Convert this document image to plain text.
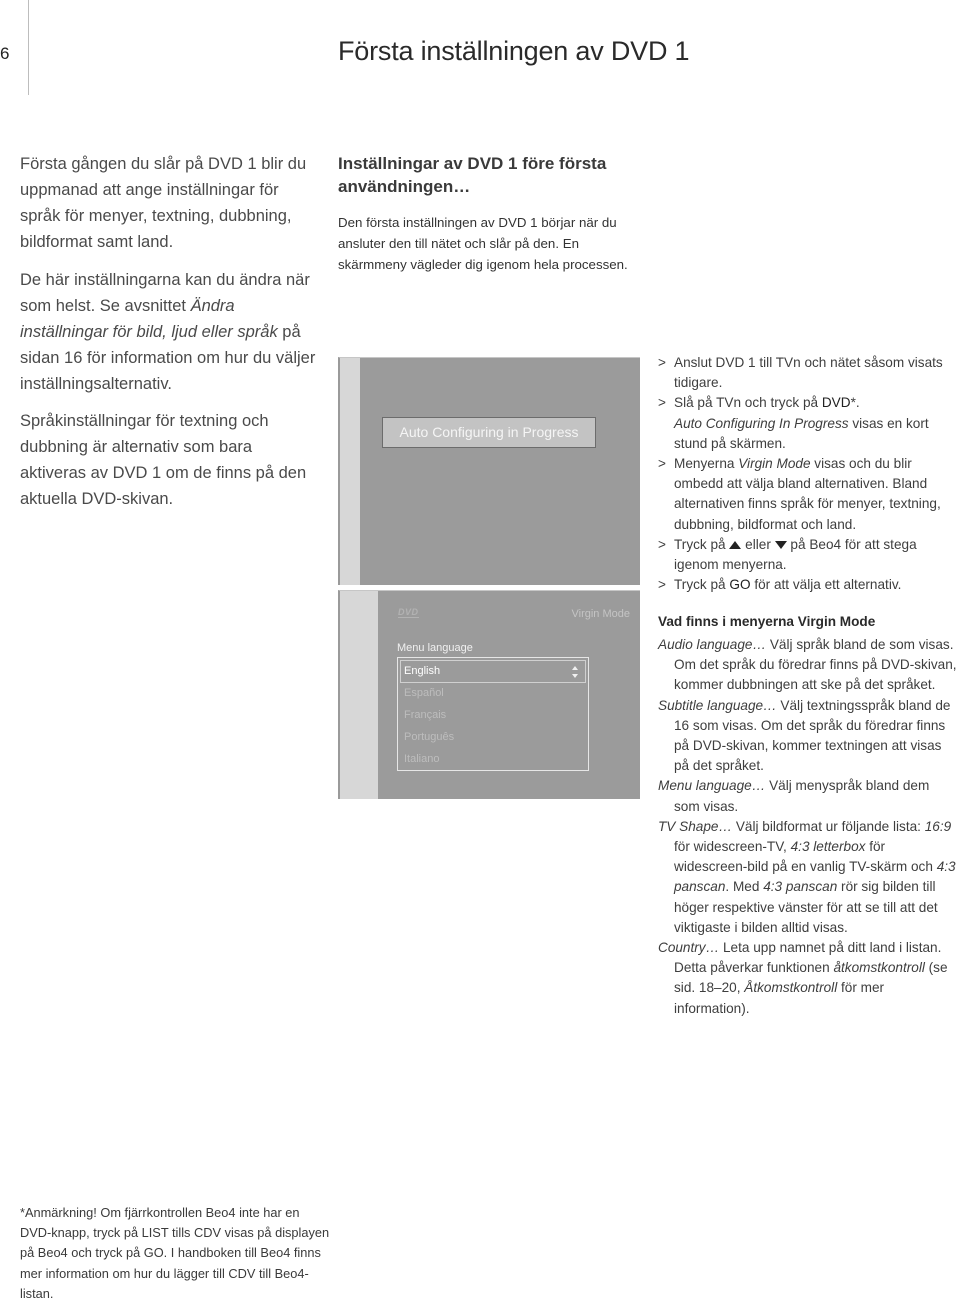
6	Första inställningen av DVD 1

Första gången du slår på DVD 1 blir du uppmanad att ange inställningar för språk för menyer, textning, dubbning, bildformat samt land.

De här inställningarna kan du ändra när som helst. Se avsnittet Ändra inställningar för bild, ljud eller språk på sidan 16 för information om hur du väljer inställningsalternativ.

Språkinställningar för textning och dubbning är alternativ som bara aktiveras av DVD 1 om de finns på den aktuella DVD-skivan.

Inställningar av DVD 1 före första användningen…
Den första inställningen av DVD 1 börjar när du ansluter den till nätet och slår på den. En skärmmeny vägleder dig igenom hela processen.
Auto Configuring in Progress
DVD	Virgin Mode
Menu language
English
Español
Français
Português
Italiano
> Anslut DVD 1 till TVn och nätet såsom visats tidigare.
> Slå på TVn och tryck på DVD*.
Auto Configuring In Progress visas en kort stund på skärmen.
> Menyerna Virgin Mode visas och du blir ombedd att välja bland alternativen. Bland alternativen finns språk för menyer, textning, dubbning, bildformat och land.
> Tryck på  eller  på Beo4 för att stega igenom menyerna.
> Tryck på GO för att välja ett alternativ.
Vad finns i menyerna Virgin Mode

Audio language… Välj språk bland de som visas. Om det språk du föredrar finns på DVD-skivan, kommer dubbningen att ske på det språket.

Subtitle language… Välj textningsspråk bland de 16 som visas. Om det språk du föredrar finns på DVD-skivan, kommer textningen att visas på det språket.

Menu language… Välj menyspråk bland dem som visas.

TV Shape… Välj bildformat ur följande lista: 16:9 för widescreen-TV, 4:3 letterbox för widescreen-bild på en vanlig TV-skärm och 4:3 panscan. Med 4:3 panscan rör sig bilden till höger respektive vänster för att se till att det viktigaste i bilden alltid visas.

Country… Leta upp namnet på ditt land i listan. Detta påverkar funktionen åtkomstkontroll (se sid. 18–20, Åtkomstkontroll för mer information).

*Anmärkning! Om fjärrkontrollen Beo4 inte har en DVD-knapp, tryck på LIST tills CDV visas på displayen på Beo4 och tryck på GO. I handboken till Beo4 finns mer information om hur du lägger till CDV till Beo4-listan.
